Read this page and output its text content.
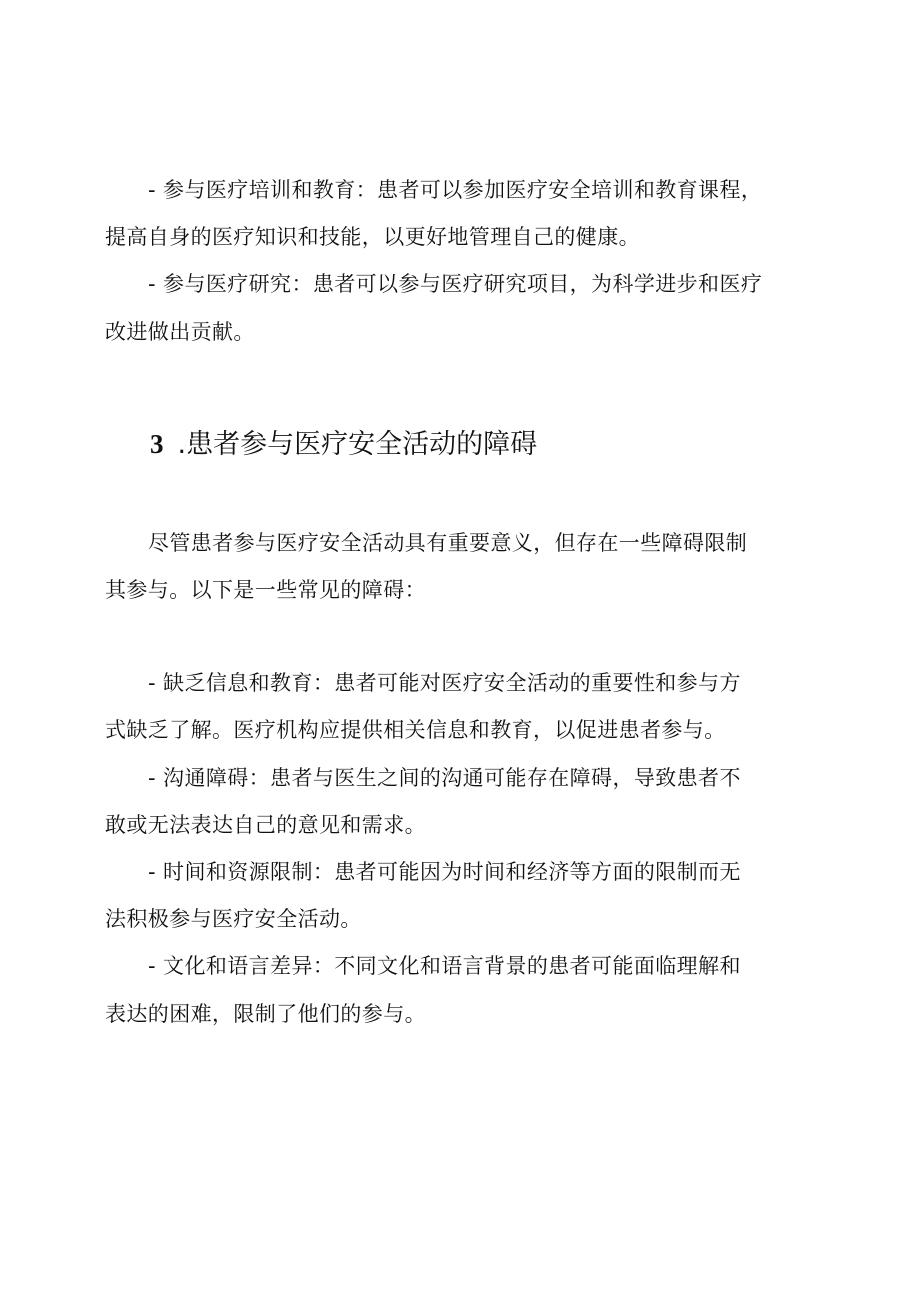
- 参与医疗培训和教育：患者可以参加医疗安全培训和教育课程，
提高自身的医疗知识和技能，以更好地管理自己的健康。
- 参与医疗研究：患者可以参与医疗研究项目，为科学进步和医疗
改进做出贡献。
3 .患者参与医疗安全活动的障碍
尽管患者参与医疗安全活动具有重要意义，但存在一些障碍限制
其参与。以下是一些常见的障碍：
- 缺乏信息和教育：患者可能对医疗安全活动的重要性和参与方
式缺乏了解。医疗机构应提供相关信息和教育，以促进患者参与。
- 沟通障碍：患者与医生之间的沟通可能存在障碍，导致患者不
敢或无法表达自己的意见和需求。
- 时间和资源限制：患者可能因为时间和经济等方面的限制而无
法积极参与医疗安全活动。
- 文化和语言差异：不同文化和语言背景的患者可能面临理解和
表达的困难，限制了他们的参与。
